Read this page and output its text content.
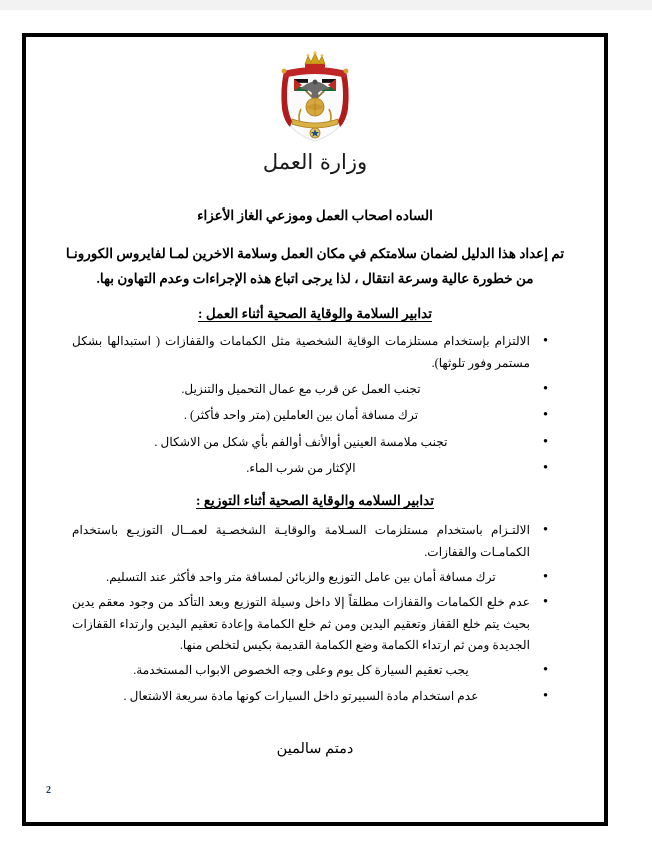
وزارة العمل
الساده اصحاب العمل وموزعي الغاز الأعزاء
تم إعداد هذا الدليل لضمان سلامتكم في مكان العمل وسلامة الاخرين لمـا لفايروس الكورونـا
من خطورة عالية وسرعة انتقال ، لذا يرجى اتباع هذه الإجراءات وعدم التهاون بها.
تدابير السلامة والوقاية الصحية أثناء العمل :
● الالتزام بإستخدام مستلزمات الوقاية الشخصية مثل الكمامات والقفازات ( استبدالها بشكل مستمر وفور تلوثها).
● تجنب العمل عن قرب مع عمال التحميل والتنزيل.
● ترك مسافة أمان بين العاملين (متر واحد فأكثر) .
● تجنب ملامسة العينين أوالأنف أوالفم بأي شكل من الاشكال .
● الإكثار من شرب الماء.
تدابير السلامه والوقاية الصحية أثناء التوزيع :
● الالتـزام باستخدام مستلزمات السـلامة والوقايـة الشخصـية لعمــال التوزيـع باستخدام الكمامـات والقفازات.
● ترك مسافة أمان بين عامل التوزيع والزبائن لمسافة متر واحد فأكثر عند التسليم.
● عدم خلع الكمامات والقفازات مطلقاً إلا داخل وسيلة التوزيع وبعد التأكد من وجود معقم يدين بحيث يتم خلع القفاز وتعقيم اليدين ومن ثم خلع الكمامة وإعادة تعقيم اليدين وارتداء القفازات الجديدة ومن ثم ارتداء الكمامة وضع الكمامة القديمة بكيس لتخلص منها.
● يجب تعقيم السيارة كل يوم وعلى وجه الخصوص الابواب المستخدمة.
● عدم استخدام مادة السبيرتو داخل السيارات كونها مادة سريعة الاشتعال .
دمتم سالمين
2
